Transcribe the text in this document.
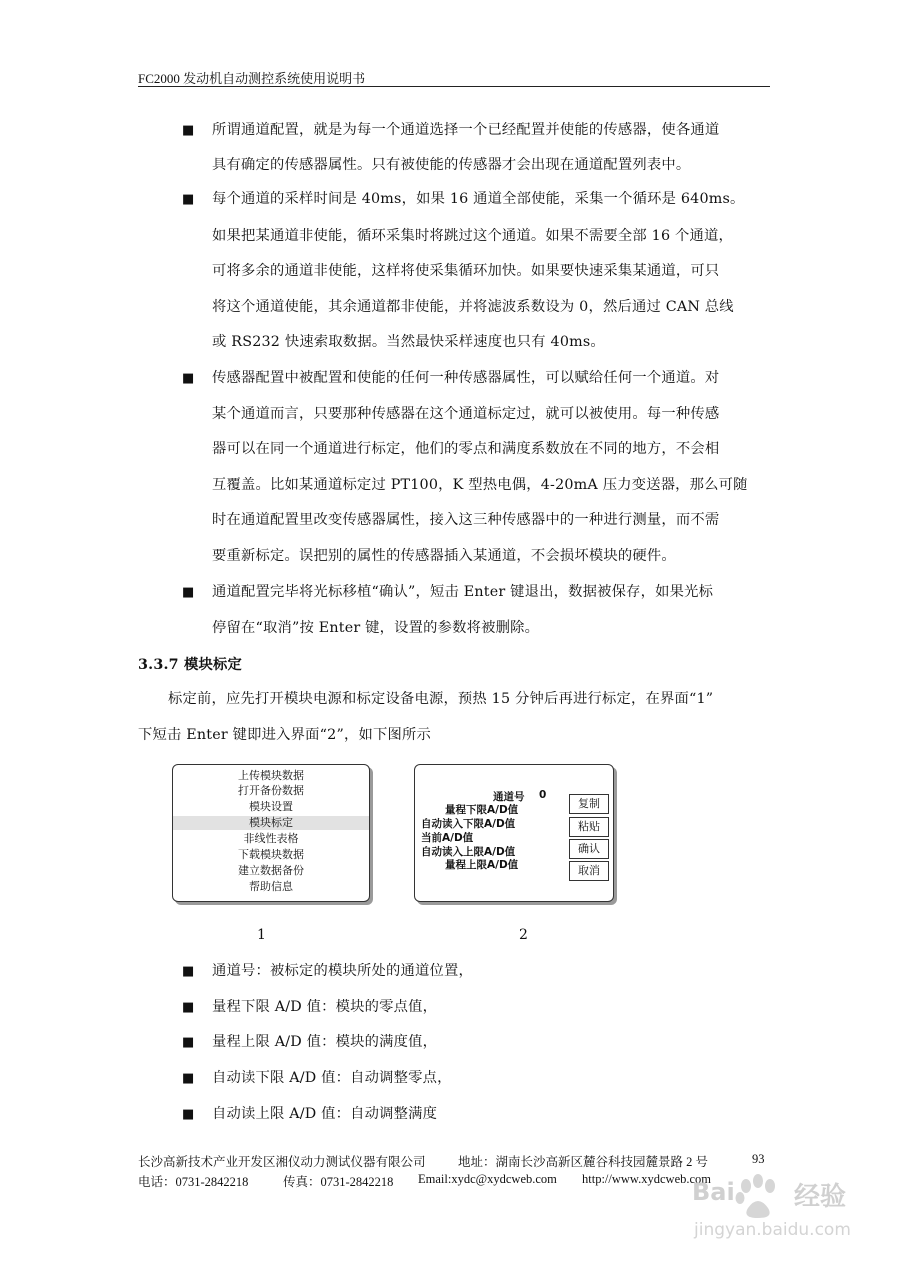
FC2000 发动机自动测控系统使用说明书
■ 所谓通道配置，就是为每一个通道选择一个已经配置并使能的传感器，使各通道
具有确定的传感器属性。只有被使能的传感器才会出现在通道配置列表中。
■ 每个通道的采样时间是 40ms，如果 16 通道全部使能，采集一个循环是 640ms。
如果把某通道非使能，循环采集时将跳过这个通道。如果不需要全部 16 个通道，
可将多余的通道非使能，这样将使采集循环加快。如果要快速采集某通道，可只
将这个通道使能，其余通道都非使能，并将滤波系数设为 0，然后通过 CAN 总线
或 RS232 快速索取数据。当然最快采样速度也只有 40ms。
■ 传感器配置中被配置和使能的任何一种传感器属性，可以赋给任何一个通道。对
某个通道而言，只要那种传感器在这个通道标定过，就可以被使用。每一种传感
器可以在同一个通道进行标定，他们的零点和满度系数放在不同的地方，不会相
互覆盖。比如某通道标定过 PT100，K 型热电偶，4-20mA 压力变送器，那么可随
时在通道配置里改变传感器属性，接入这三种传感器中的一种进行测量，而不需
要重新标定。误把别的属性的传感器插入某通道，不会损坏模块的硬件。
■ 通道配置完毕将光标移植“确认”，短击 Enter 键退出，数据被保存，如果光标
停留在“取消”按 Enter 键，设置的参数将被删除。
3.3.7 模块标定
标定前，应先打开模块电源和标定设备电源，预热 15 分钟后再进行标定，在界面“1”
下短击 Enter 键即进入界面“2”，如下图所示
上传模块数据
打开备份数据
模块设置
模块标定
非线性表格
下载模块数据
建立数据备份
帮助信息
通道号 0
量程下限A/D值
自动读入下限A/D值
当前A/D值
自动读入上限A/D值
量程上限A/D值
复制
粘贴
确认
取消
1	2
■ 通道号：被标定的模块所处的通道位置，
■ 量程下限 A/D 值：模块的零点值，
■ 量程上限 A/D 值：模块的满度值，
■ 自动读下限 A/D 值：自动调整零点，
■ 自动读上限 A/D 值：自动调整满度
长沙高新技术产业开发区湘仪动力测试仪器有限公司	地址：湖南长沙高新区麓谷科技园麓景路 2 号	93
电话：0731-2842218	传真：0731-2842218 Email:xydc@xydcweb.com http://www.xydcweb.com
Bai 经验
jingyan.baidu.com
